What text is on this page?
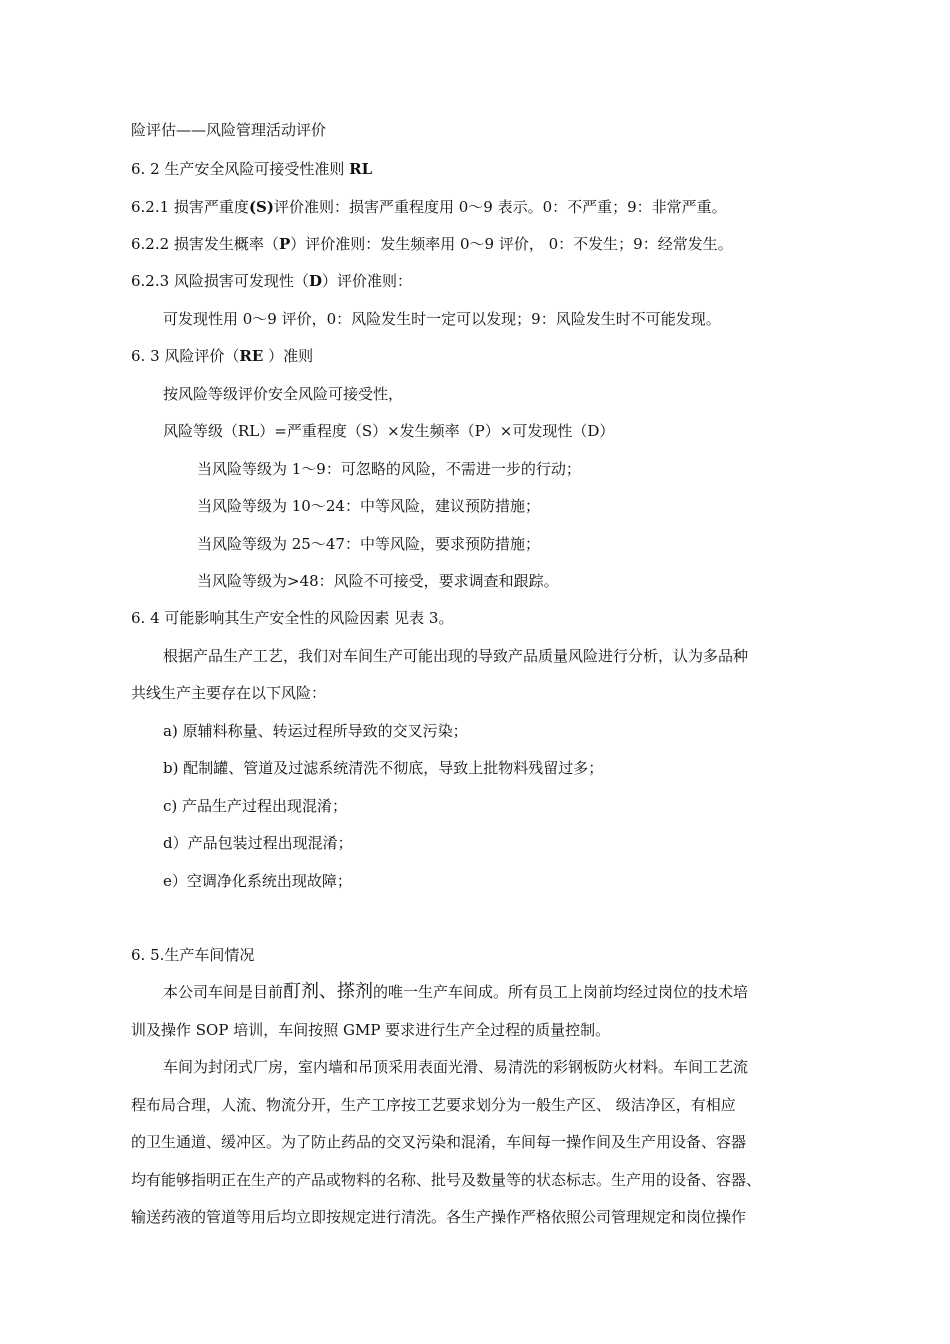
险评估——风险管理活动评价
6. 2 生产安全风险可接受性准则 RL
6.2.1 损害严重度(S)评价准则：损害严重程度用 0～9 表示。0：不严重；9：非常严重。
6.2.2 损害发生概率（P）评价准则：发生频率用 0～9 评价， 0：不发生；9：经常发生。
6.2.3 风险损害可发现性（D）评价准则：
可发现性用 0～9 评价，0：风险发生时一定可以发现；9：风险发生时不可能发现。
6. 3 风险评价（RE ）准则
按风险等级评价安全风险可接受性，
风险等级（RL）=严重程度（S）×发生频率（P）×可发现性（D）
当风险等级为 1～9：可忽略的风险，不需进一步的行动；
当风险等级为 10～24：中等风险，建议预防措施；
当风险等级为 25～47：中等风险，要求预防措施；
当风险等级为>48：风险不可接受，要求调查和跟踪。
6. 4 可能影响其生产安全性的风险因素 见表 3。
根据产品生产工艺，我们对车间生产可能出现的导致产品质量风险进行分析，认为多品种
共线生产主要存在以下风险：
a) 原辅料称量、转运过程所导致的交叉污染；
b) 配制罐、管道及过滤系统清洗不彻底，导致上批物料残留过多；
c) 产品生产过程出现混淆；
d）产品包装过程出现混淆；
e）空调净化系统出现故障；
6. 5.生产车间情况
本公司车间是目前酊剂、搽剂的唯一生产车间成。所有员工上岗前均经过岗位的技术培
训及操作 SOP 培训，车间按照 GMP 要求进行生产全过程的质量控制。
车间为封闭式厂房，室内墙和吊顶采用表面光滑、易清洗的彩钢板防火材料。车间工艺流
程布局合理，人流、物流分开，生产工序按工艺要求划分为一般生产区、 级洁净区，有相应
的卫生通道、缓冲区。为了防止药品的交叉污染和混淆，车间每一操作间及生产用设备、容器
均有能够指明正在生产的产品或物料的名称、批号及数量等的状态标志。生产用的设备、容器、
输送药液的管道等用后均立即按规定进行清洗。各生产操作严格依照公司管理规定和岗位操作
